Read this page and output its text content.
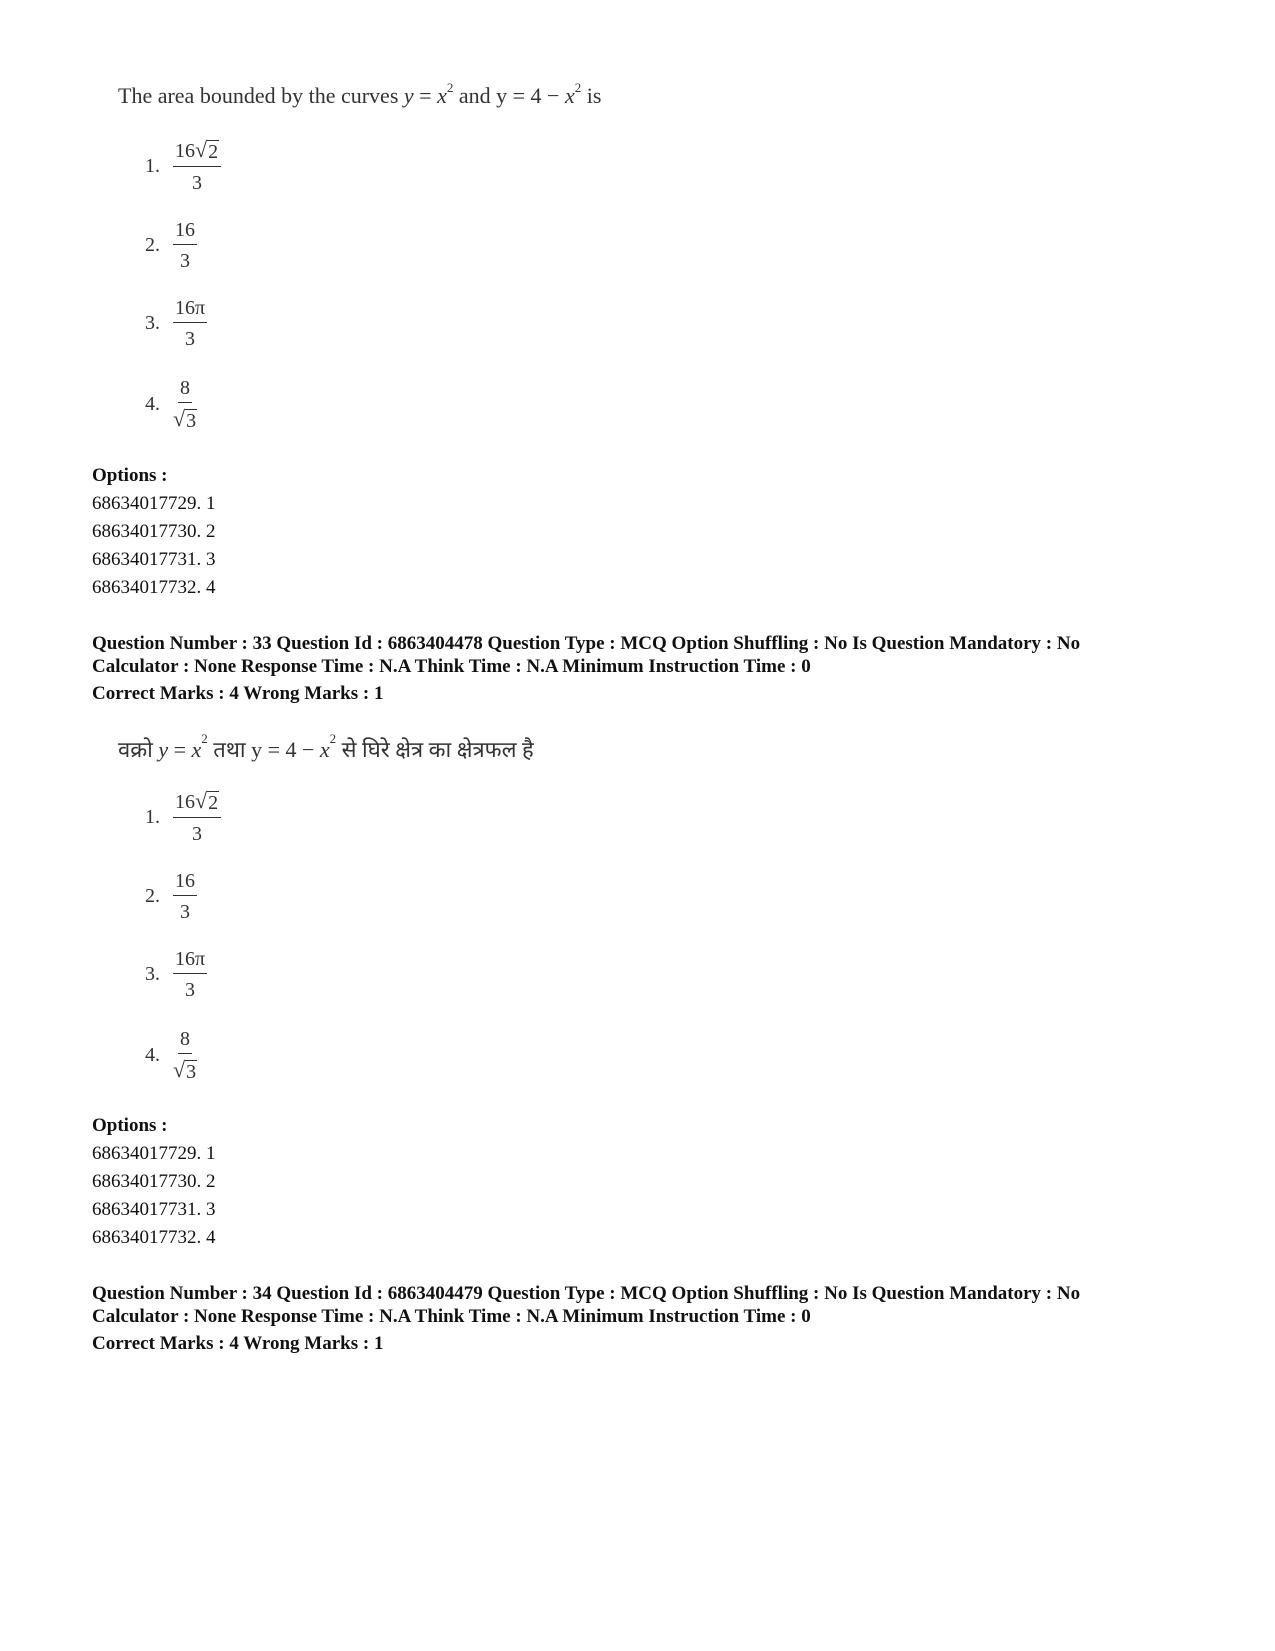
The area bounded by the curves $y = x^2$ and $y = 4 - x^2$ is
1. $\frac{16 √ 2}{3}$
2. $\frac{16}{3}$
3. $\frac{16\pi}{3}$
4. $\frac{8}{√ 3}$
Options :
68634017729. 1
68634017730. 2
68634017731. 3
68634017732. 4
Question Number : 33 Question Id : 6863404478 Question Type : MCQ Option Shuffling : No Is Question Mandatory : No
Calculator : None Response Time : N.A Think Time : N.A Minimum Instruction Time : 0
Correct Marks : 4 Wrong Marks : 1
वक्रो $y = x^2$ तथा $y = 4 - x^2$ से घिरे क्षेत्र का क्षेत्रफल है
1. $\frac{16 √ 2}{3}$
2. $\frac{16}{3}$
3. $\frac{16\pi}{3}$
4. $\frac{8}{√ 3}$
Options :
68634017729. 1
68634017730. 2
68634017731. 3
68634017732. 4
Question Number : 34 Question Id : 6863404479 Question Type : MCQ Option Shuffling : No Is Question Mandatory : No
Calculator : None Response Time : N.A Think Time : N.A Minimum Instruction Time : 0
Correct Marks : 4 Wrong Marks : 1
